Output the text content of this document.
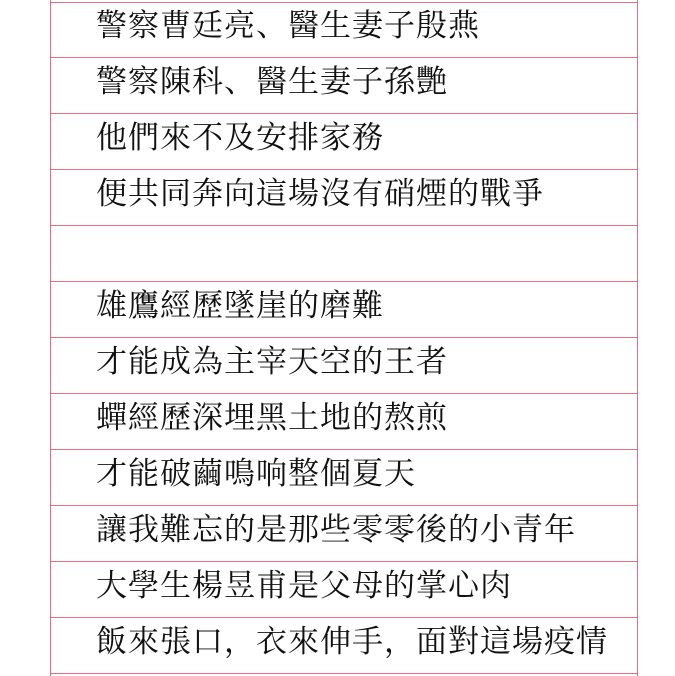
警察曹廷亮、醫生妻子殷燕
警察陳科、醫生妻子孫艷
他們來不及安排家務
便共同奔向這場沒有硝煙的戰爭
雄鷹經歷墜崖的磨難
才能成為主宰天空的王者
蟬經歷深埋黑土地的熬煎
才能破繭鳴响整個夏天
讓我難忘的是那些零零後的小青年
大學生楊昱甫是父母的掌心肉
飯來張口，衣來伸手，面對這場疫情
